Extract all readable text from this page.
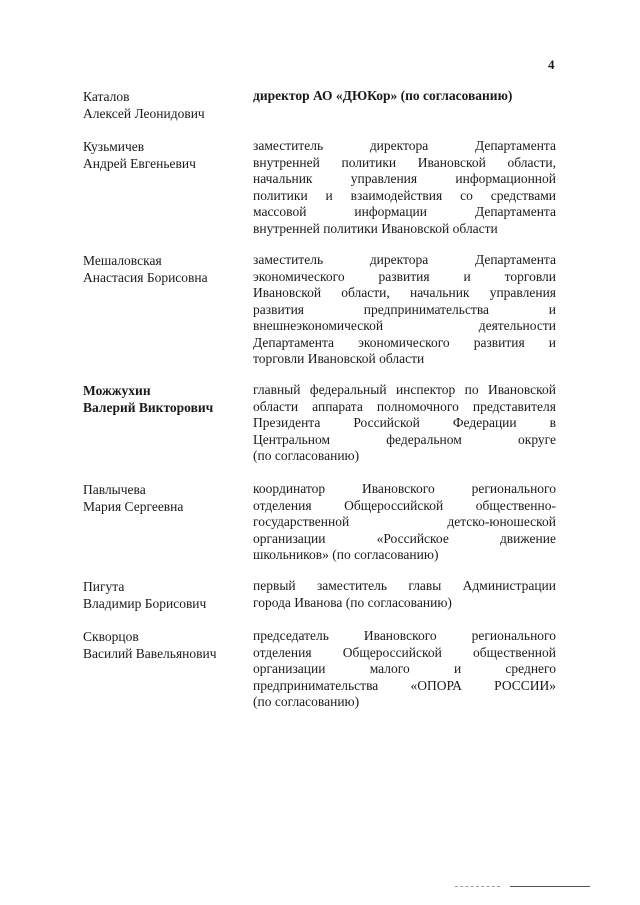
4
Каталов
Алексей Леонидович
директор АО «ДЮКор» (по согласованию)
Кузьмичев
Андрей Евгеньевич
заместитель директора Департамента
внутренней политики Ивановской области,
начальник управления информационной
политики и взаимодействия со средствами
массовой информации Департамента
внутренней политики Ивановской области
Мешаловская
Анастасия Борисовна
заместитель директора Департамента
экономического развития и торговли
Ивановской области, начальник управления
развития предпринимательства и
внешнеэкономической деятельности
Департамента экономического развития и
торговли Ивановской области
Можжухин
Валерий Викторович
главный федеральный инспектор по Ивановской
области аппарата полномочного представителя
Президента Российской Федерации в
Центральном федеральном округе
(по согласованию)
Павлычева
Мария Сергеевна
координатор Ивановского регионального
отделения Общероссийской общественно-
государственной детско-юношеской
организации «Российское движение
школьников» (по согласованию)
Пигута
Владимир Борисович
первый заместитель главы Администрации
города Иванова (по согласованию)
Скворцов
Василий Вавельянович
председатель Ивановского регионального
отделения Общероссийской общественной
организации малого и среднего
предпринимательства «ОПОРА РОССИИ»
(по согласованию)
